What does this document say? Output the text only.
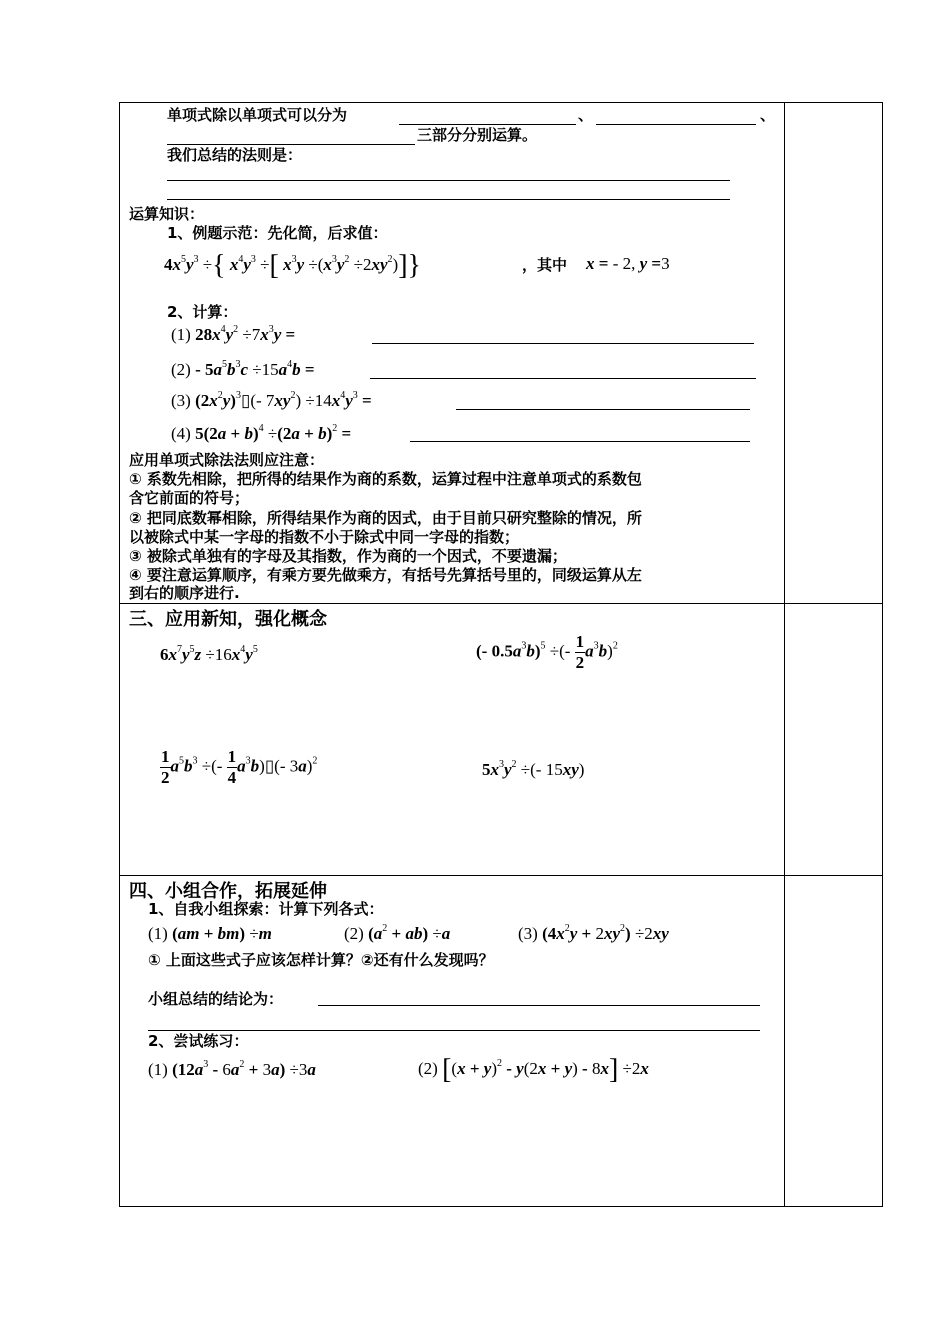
单项式除以单项式可以分为	、	、
三部分分别运算。
我们总结的法则是：
运算知识：
1、例题示范：先化简，后求值：
$4x^5y^3$ ÷{ $x^4y^3$ ÷[ $x^3y \div(x^3y^2 \div 2xy^2)$]}	，其中 x = - 2, y =3
2、计算：
(1) $28x^4y^2 \div 7x^3y$ =
$(2) - 5a^5b^3c \div 15a^4b$ =
(3) $(2x^2y)^3▯(-$ $7xy^2) \div 14x^4y^3$ =
(4) $5(2a + b)^4 \div(2a + b)^2$ =
应用单项式除法法则应注意：
① 系数先相除，把所得的结果作为商的系数，运算过程中注意单项式的系数包
含它前面的符号；
② 把同底数幂相除，所得结果作为商的因式，由于目前只研究整除的情况，所
以被除式中某一字母的指数不小于除式中同一字母的指数；
③ 被除式单独有的字母及其指数，作为商的一个因式，不要遗漏；
④ 要注意运算顺序，有乘方要先做乘方，有括号先算括号里的，同级运算从左
到右的顺序进行.
三、应用新知，强化概念
$6x^7y^5z \div 16x^4y^5$	(- $0.5a^3b)^5$ ÷(- $\frac{1}{2} a^3b)^2$
$\frac{1}{2} a^5b^3$ ÷(- $\frac{1}{4}$ $a^3b)▯(-$ 3a)$^2$	$5x^3y^2$ ÷(- 15xy)
四、小组合作，拓展延伸
1、自我小组探索：计算下列各式：
(1) (am + bm) ÷m	(2) $(a^2 + ab) \div a$	(3) $(4x^2y + 2xy^2) \div 2xy$
① 上面这些式子应该怎样计算？②还有什么发现吗？
小组总结的结论为：
2、尝试练习：
(1) $(12a^3 - 6a^2 + 3a) \div 3a$	(2) $[(x + y)^2 - y(2x + y) - 8x] \div 2x$
